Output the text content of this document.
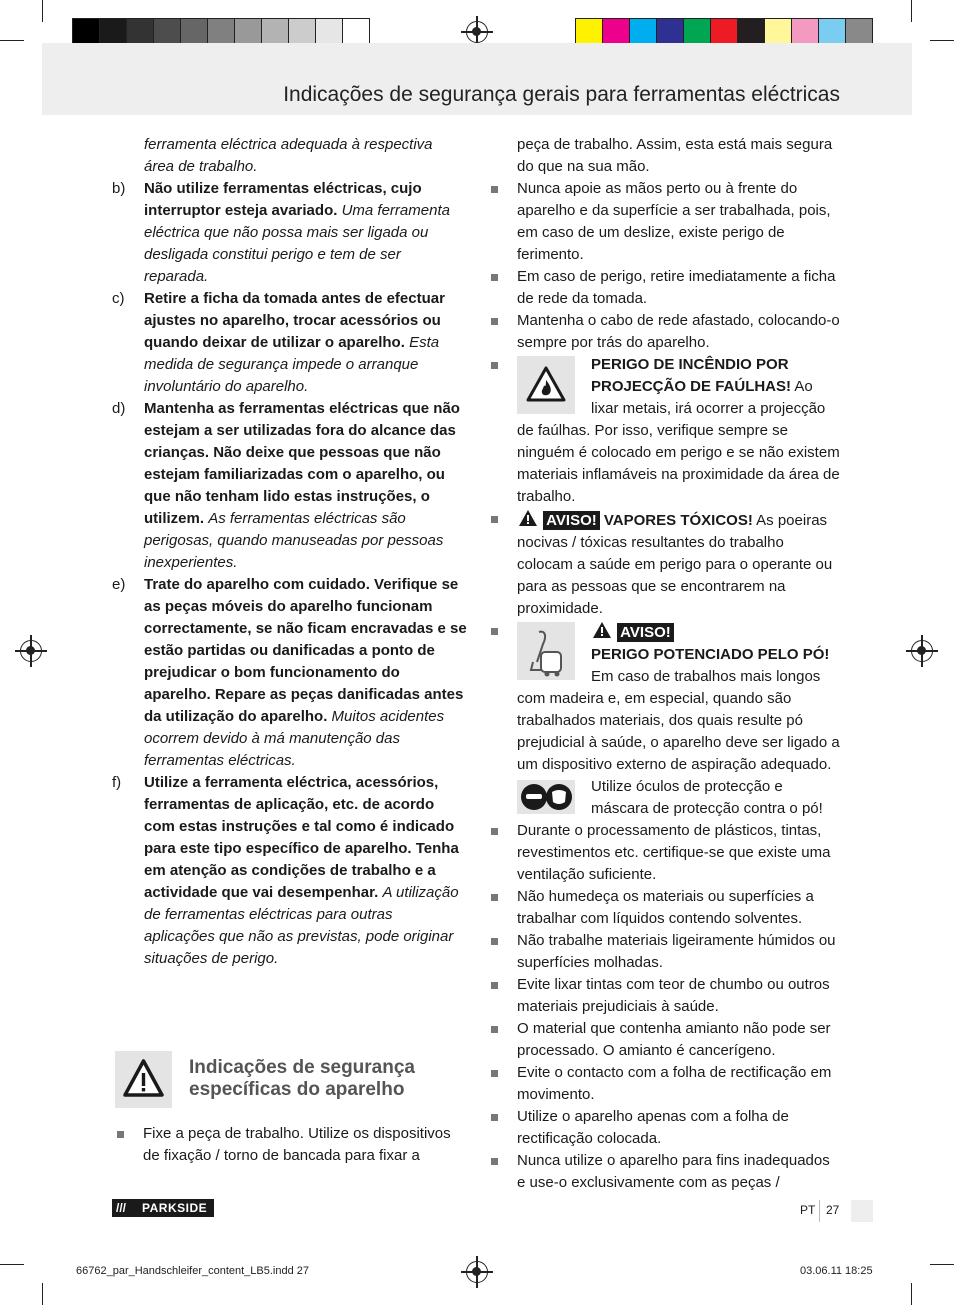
Indicações de segurança gerais para ferramentas eléctricas
ferramenta eléctrica adequada à respectiva área de trabalho.
b)	Não utilize ferramentas eléctricas, cujo interruptor esteja avariado. Uma ferramenta eléctrica que não possa mais ser ligada ou desligada constitui perigo e tem de ser reparada.
c)	Retire a ficha da tomada antes de efectuar ajustes no aparelho, trocar acessórios ou quando deixar de utilizar o aparelho. Esta medida de segurança impede o arranque involuntário do aparelho.
d)	Mantenha as ferramentas eléctricas que não estejam a ser utilizadas fora do alcance das crianças. Não deixe que pessoas que não estejam familiarizadas com o aparelho, ou que não tenham lido estas instruções, o utilizem. As ferramentas eléctricas são perigosas, quando manuseadas por pessoas inexperientes.
e)	Trate do aparelho com cuidado. Verifique se as peças móveis do aparelho funcionam correctamente, se não ficam encravadas e se estão partidas ou danificadas a ponto de prejudicar o bom funcionamento do aparelho. Repare as peças danificadas antes da utilização do aparelho. Muitos acidentes ocorrem devido à má manutenção das ferramentas eléctricas.
f)	Utilize a ferramenta eléctrica, acessórios, ferramentas de aplicação, etc. de acordo com estas instruções e tal como é indicado para este tipo específico de aparelho. Tenha em atenção as condições de trabalho e a actividade que vai desempenhar. A utilização de ferramentas eléctricas para outras aplicações que não as previstas, pode originar situações de perigo.
Indicações de segurança
específicas do aparelho
Fixe a peça de trabalho. Utilize os dispositivos de fixação / torno de bancada para fixar a
peça de trabalho. Assim, esta está mais segura do que na sua mão.
Nunca apoie as mãos perto ou à frente do aparelho e da superfície a ser trabalhada, pois, em caso de um deslize, existe perigo de ferimento.
Em caso de perigo, retire imediatamente a ficha de rede da tomada.
Mantenha o cabo de rede afastado, colocando-o sempre por trás do aparelho.
PERIGO DE INCÊNDIO POR PROJECÇÃO DE FAÚLHAS! Ao lixar metais, irá ocorrer a projecção de faúlhas. Por isso, verifique sempre se ninguém é colocado em perigo e se não existem materiais inflamáveis na proximidade da área de trabalho.
AVISO! VAPORES TÓXICOS! As poeiras nocivas / tóxicas resultantes do trabalho colocam a saúde em perigo para o operante ou para as pessoas que se encontrarem na proximidade.
AVISO!
PERIGO POTENCIADO PELO PÓ! Em caso de trabalhos mais longos com madeira e, em especial, quando são trabalhados materiais, dos quais resulte pó prejudicial à saúde, o aparelho deve ser ligado a um dispositivo externo de aspiração adequado.
Utilize óculos de protecção e máscara de protecção contra o pó!
Durante o processamento de plásticos, tintas, revestimentos etc. certifique-se que existe uma ventilação suficiente.
Não humedeça os materiais ou superfícies a trabalhar com líquidos contendo solventes.
Não trabalhe materiais ligeiramente húmidos ou superfícies molhadas.
Evite lixar tintas com teor de chumbo ou outros materiais prejudiciais à saúde.
O material que contenha amianto não pode ser processado. O amianto é cancerígeno.
Evite o contacto com a folha de rectificação em movimento.
Utilize o aparelho apenas com a folha de rectificação colocada.
Nunca utilize o aparelho para fins inadequados e use-o exclusivamente com as peças /
/// PARKSIDE	PT 27
66762_par_Handschleifer_content_LB5.indd 27	03.06.11 18:25
